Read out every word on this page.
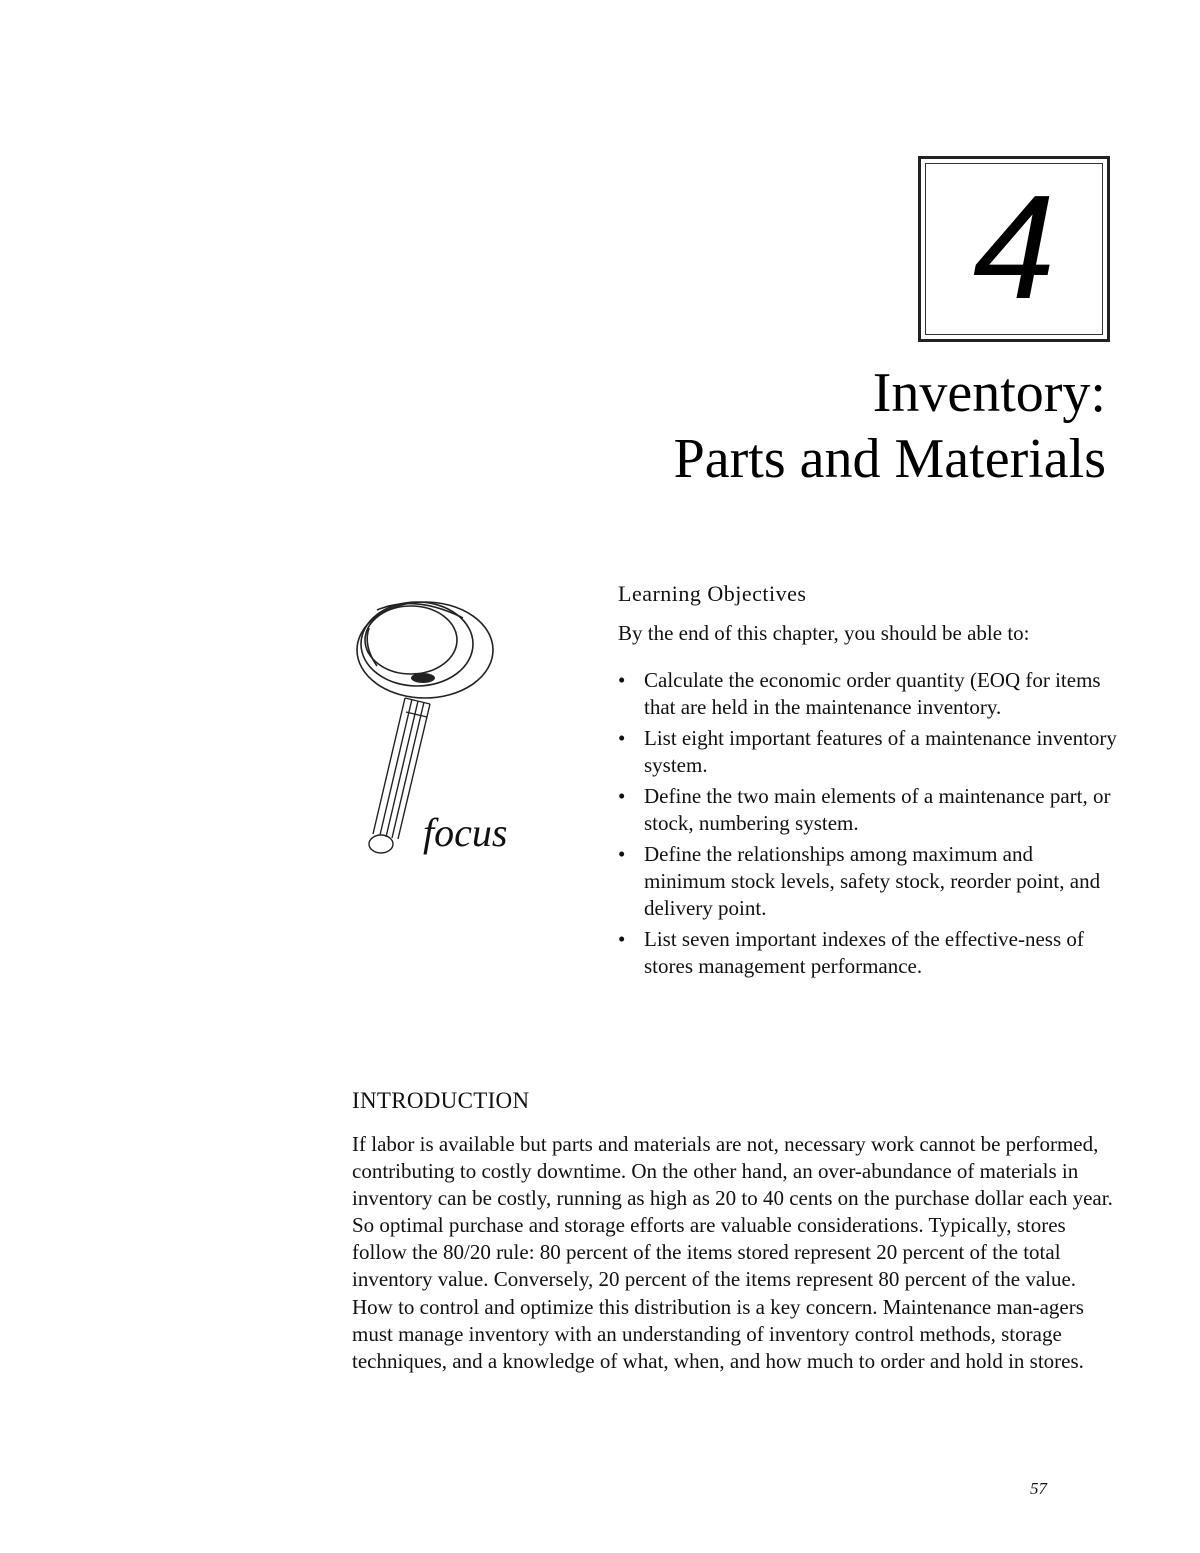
4
Inventory:
Parts and Materials
focus
Learning Objectives
By the end of this chapter, you should be able to:
• Calculate the economic order quantity (EOQ for items that are held in the maintenance inventory.
• List eight important features of a maintenance inventory system.
• Define the two main elements of a maintenance part, or stock, numbering system.
• Define the relationships among maximum and minimum stock levels, safety stock, reorder point, and delivery point.
• List seven important indexes of the effective-ness of stores management performance.
INTRODUCTION

If labor is available but parts and materials are not, necessary work cannot be performed, contributing to costly downtime. On the other hand, an over-abundance of materials in inventory can be costly, running as high as 20 to 40 cents on the purchase dollar each year. So optimal purchase and storage efforts are valuable considerations. Typically, stores follow the 80/20 rule: 80 percent of the items stored represent 20 percent of the total inventory value. Conversely, 20 percent of the items represent 80 percent of the value. How to control and optimize this distribution is a key concern. Maintenance man-agers must manage inventory with an understanding of inventory control methods, storage techniques, and a knowledge of what, when, and how much to order and hold in stores.

57
